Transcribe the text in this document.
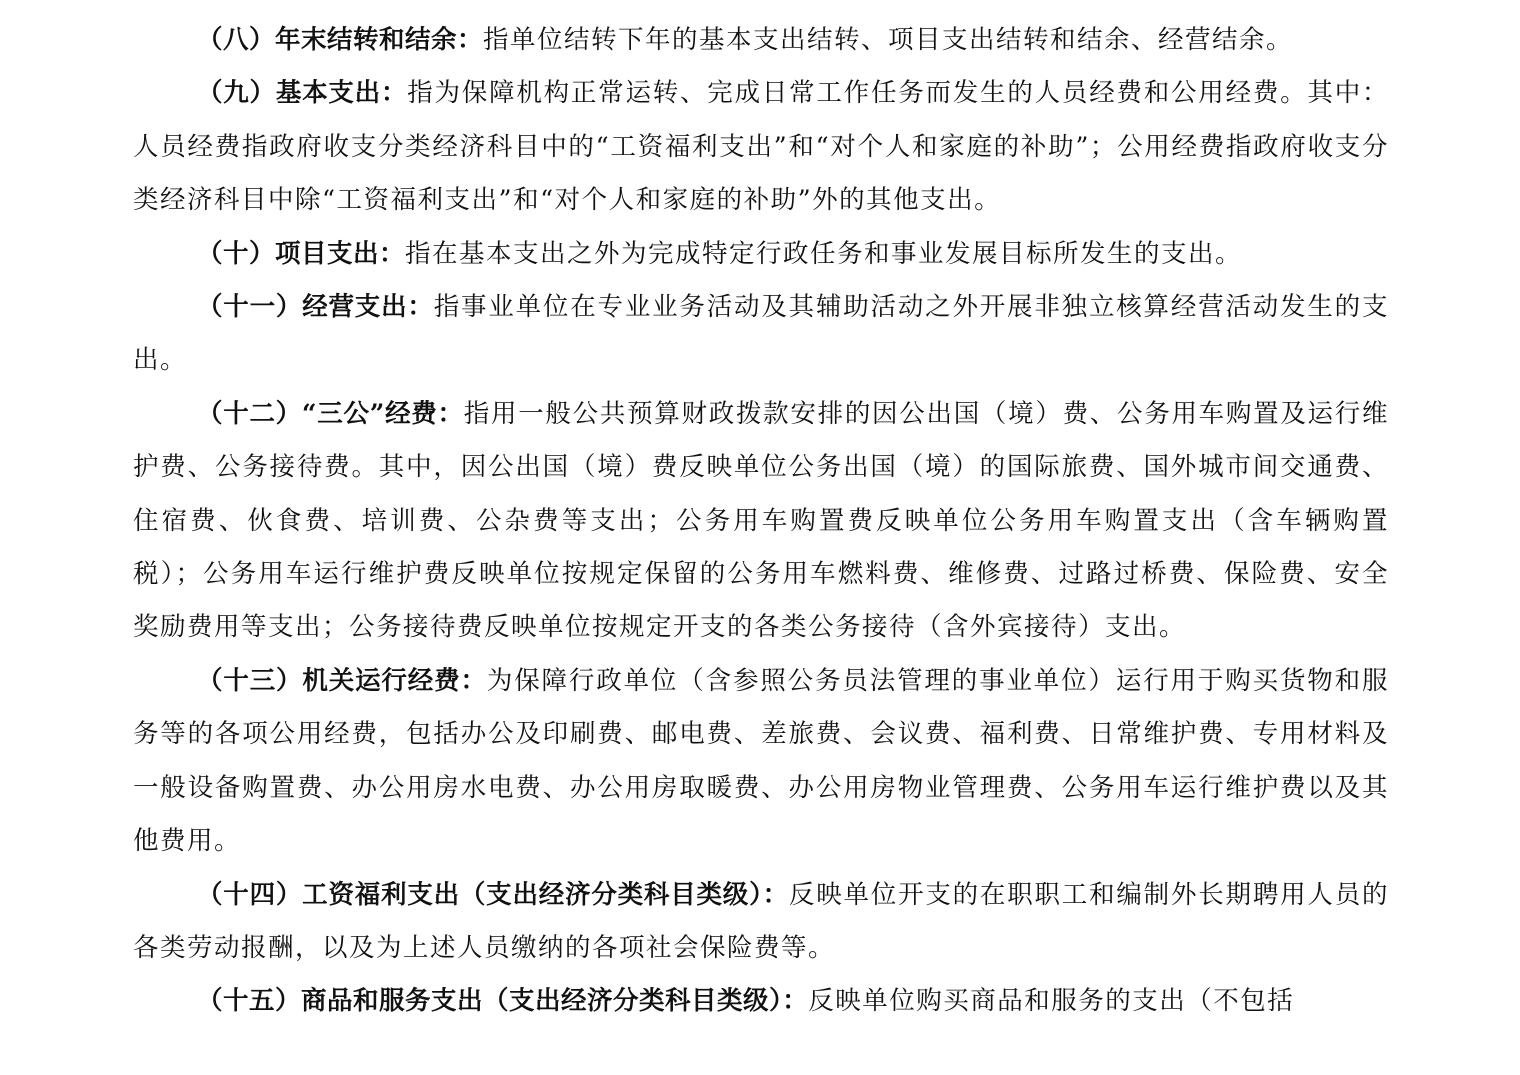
（八）年末结转和结余：指单位结转下年的基本支出结转、项目支出结转和结余、经营结余。

（九）基本支出：指为保障机构正常运转、完成日常工作任务而发生的人员经费和公用经费。其中：人员经费指政府收支分类经济科目中的“工资福利支出”和“对个人和家庭的补助”；公用经费指政府收支分类经济科目中除“工资福利支出”和“对个人和家庭的补助”外的其他支出。

（十）项目支出：指在基本支出之外为完成特定行政任务和事业发展目标所发生的支出。

（十一）经营支出：指事业单位在专业业务活动及其辅助活动之外开展非独立核算经营活动发生的支出。

（十二）“三公”经费：指用一般公共预算财政拨款安排的因公出国（境）费、公务用车购置及运行维护费、公务接待费。其中，因公出国（境）费反映单位公务出国（境）的国际旅费、国外城市间交通费、住宿费、伙食费、培训费、公杂费等支出；公务用车购置费反映单位公务用车购置支出（含车辆购置税）；公务用车运行维护费反映单位按规定保留的公务用车燃料费、维修费、过路过桥费、保险费、安全奖励费用等支出；公务接待费反映单位按规定开支的各类公务接待（含外宾接待）支出。

（十三）机关运行经费：为保障行政单位（含参照公务员法管理的事业单位）运行用于购买货物和服务等的各项公用经费，包括办公及印刷费、邮电费、差旅费、会议费、福利费、日常维护费、专用材料及一般设备购置费、办公用房水电费、办公用房取暖费、办公用房物业管理费、公务用车运行维护费以及其他费用。

（十四）工资福利支出（支出经济分类科目类级）：反映单位开支的在职职工和编制外长期聘用人员的各类劳动报酬，以及为上述人员缴纳的各项社会保险费等。

（十五）商品和服务支出（支出经济分类科目类级）：反映单位购买商品和服务的支出（不包括
